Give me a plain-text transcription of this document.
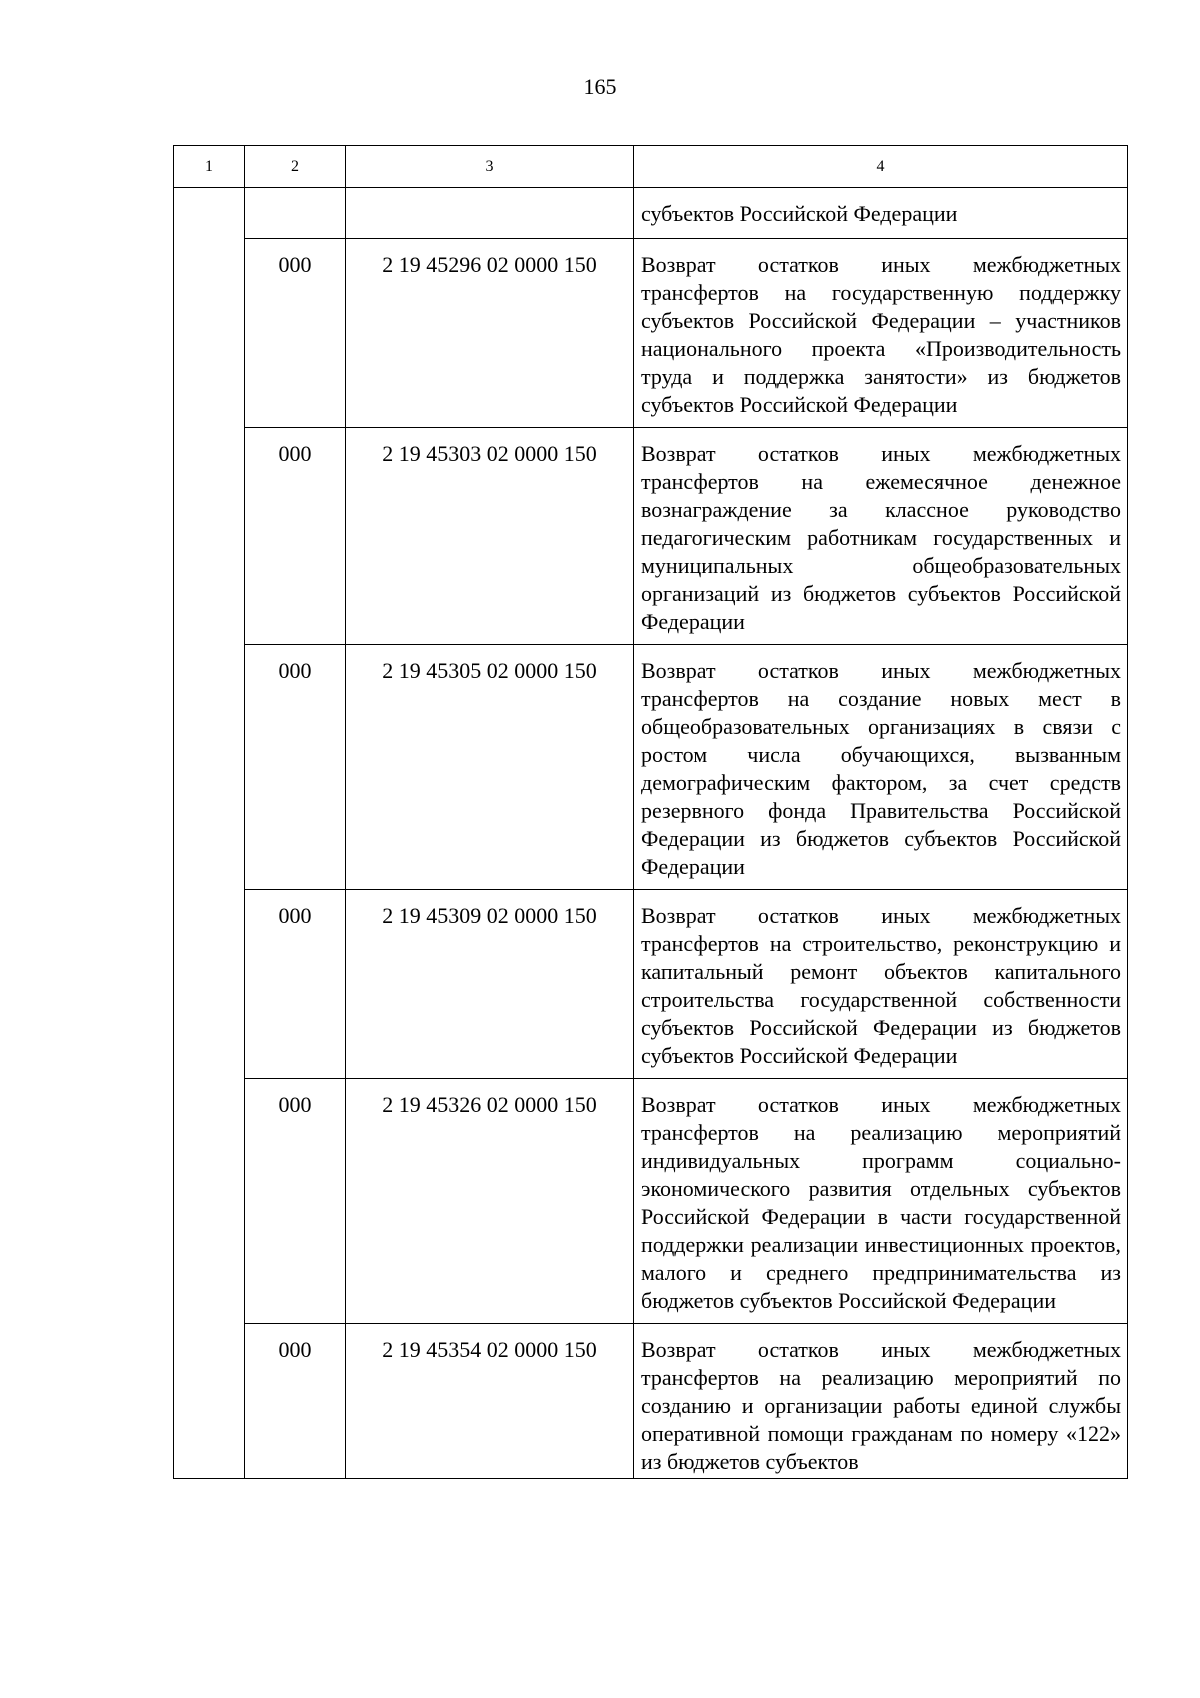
165
1	2	3	4
			субъектов Российской Федерации
	000	2 19 45296 02 0000 150	Возврат остатков иных межбюджетных трансфертов на государственную поддержку субъектов Российской Федерации – участников национального проекта «Производительность труда и поддержка занятости» из бюджетов субъектов Российской Федерации
	000	2 19 45303 02 0000 150	Возврат остатков иных межбюджетных трансфертов на ежемесячное денежное вознаграждение за классное руководство педагогическим работникам государственных и муниципальных общеобразовательных организаций из бюджетов субъектов Российской Федерации
	000	2 19 45305 02 0000 150	Возврат остатков иных межбюджетных трансфертов на создание новых мест в общеобразовательных организациях в связи с ростом числа обучающихся, вызванным демографическим фактором, за счет средств резервного фонда Правительства Российской Федерации из бюджетов субъектов Российской Федерации
	000	2 19 45309 02 0000 150	Возврат остатков иных межбюджетных трансфертов на строительство, реконструкцию и капитальный ремонт объектов капитального строительства государственной собственности субъектов Российской Федерации из бюджетов субъектов Российской Федерации
	000	2 19 45326 02 0000 150	Возврат остатков иных межбюджетных трансфертов на реализацию мероприятий индивидуальных программ социально-экономического развития отдельных субъектов Российской Федерации в части государственной поддержки реализации инвестиционных проектов, малого и среднего предпринимательства из бюджетов субъектов Российской Федерации
	000	2 19 45354 02 0000 150	Возврат остатков иных межбюджетных трансфертов на реализацию мероприятий по созданию и организации работы единой службы оперативной помощи гражданам по номеру «122» из бюджетов субъектов
